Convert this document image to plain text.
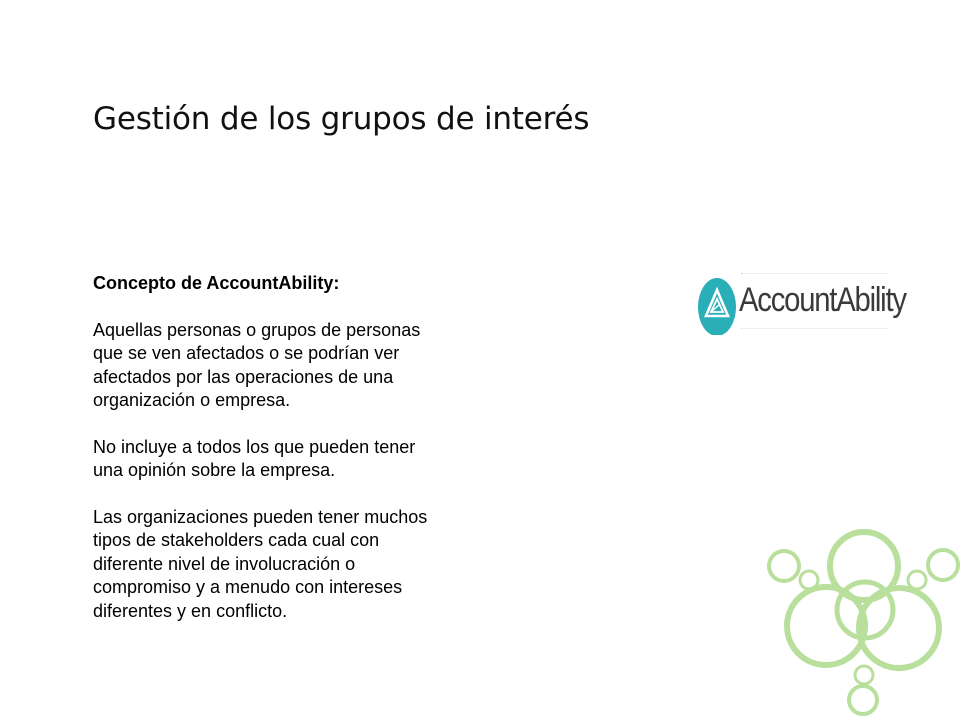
Gestión de los grupos de interés
Concepto de AccountAbility:
Aquellas personas o grupos de personas
que se ven afectados o se podrían ver
afectados por las operaciones de una
organización o empresa.
No incluye a todos los que pueden tener
una opinión sobre la empresa.
Las organizaciones pueden tener muchos
tipos de stakeholders cada cual con
diferente nivel de involucración o
compromiso y a menudo con intereses
diferentes y en conflicto.
AccountAbility
